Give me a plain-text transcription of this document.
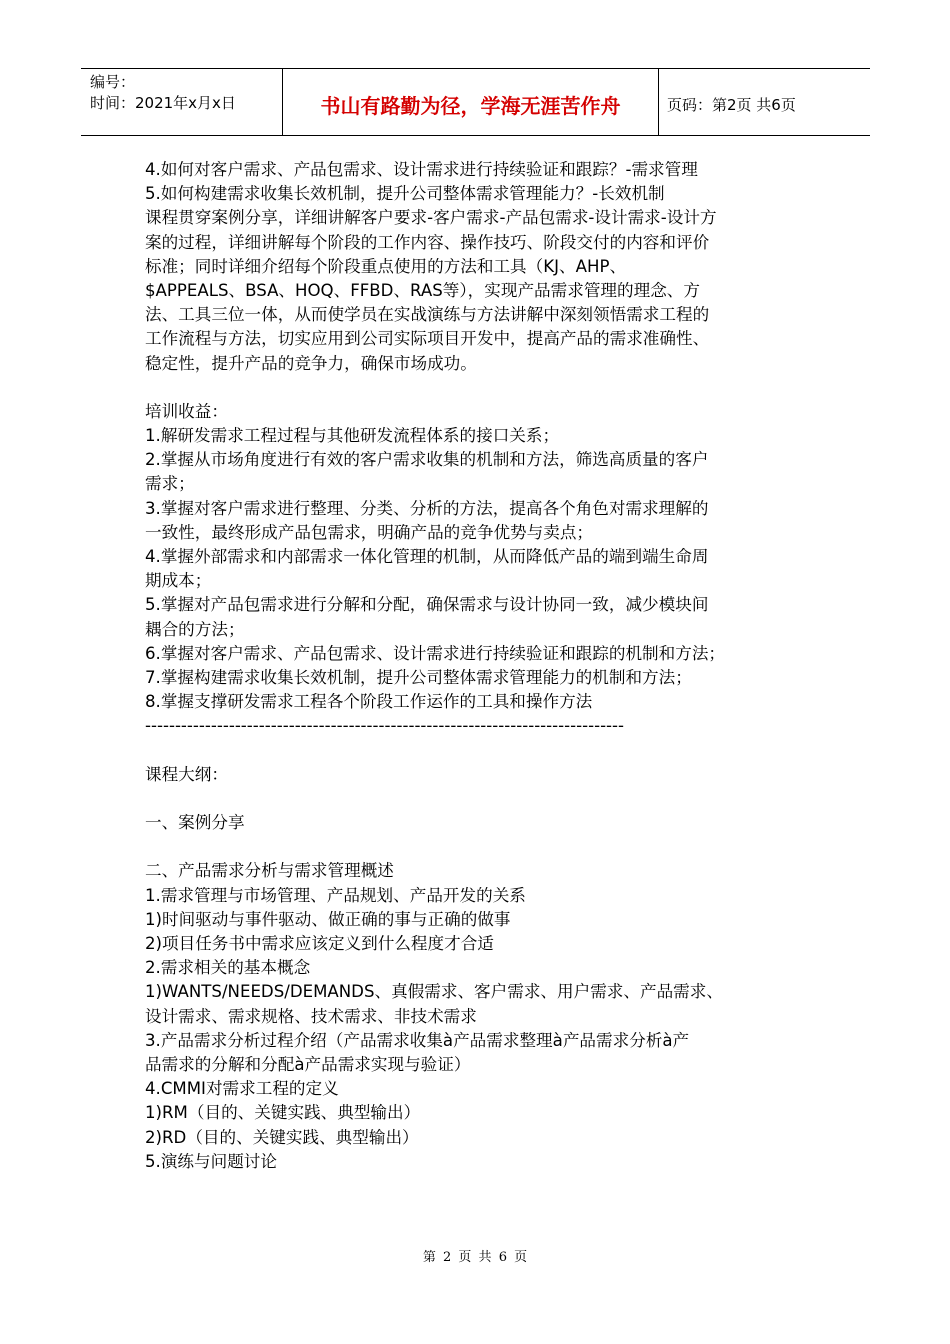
编号：
时间：2021年x月x日	书山有路勤为径，学海无涯苦作舟	页码：第2页 共6页
4.如何对客户需求、产品包需求、设计需求进行持续验证和跟踪？-需求管理
5.如何构建需求收集长效机制，提升公司整体需求管理能力？-长效机制
课程贯穿案例分享，详细讲解客户要求-客户需求-产品包需求-设计需求-设计方
案的过程，详细讲解每个阶段的工作内容、操作技巧、阶段交付的内容和评价
标准；同时详细介绍每个阶段重点使用的方法和工具（KJ、AHP、
$APPEALS、BSA、HOQ、FFBD、RAS等），实现产品需求管理的理念、方
法、工具三位一体，从而使学员在实战演练与方法讲解中深刻领悟需求工程的
工作流程与方法，切实应用到公司实际项目开发中，提高产品的需求准确性、
稳定性，提升产品的竞争力，确保市场成功。
培训收益：
1.解研发需求工程过程与其他研发流程体系的接口关系；
2.掌握从市场角度进行有效的客户需求收集的机制和方法，筛选高质量的客户
需求；
3.掌握对客户需求进行整理、分类、分析的方法，提高各个角色对需求理解的
一致性，最终形成产品包需求，明确产品的竞争优势与卖点；
4.掌握外部需求和内部需求一体化管理的机制，从而降低产品的端到端生命周
期成本；
5.掌握对产品包需求进行分解和分配，确保需求与设计协同一致，减少模块间
耦合的方法；
6.掌握对客户需求、产品包需求、设计需求进行持续验证和跟踪的机制和方法；
7.掌握构建需求收集长效机制，提升公司整体需求管理能力的机制和方法；
8.掌握支撑研发需求工程各个阶段工作运作的工具和操作方法
--------------------------------------------------------------------------------
课程大纲：
一、案例分享
二、产品需求分析与需求管理概述
1.需求管理与市场管理、产品规划、产品开发的关系
1)时间驱动与事件驱动、做正确的事与正确的做事
2)项目任务书中需求应该定义到什么程度才合适
2.需求相关的基本概念
1)WANTS/NEEDS/DEMANDS、真假需求、客户需求、用户需求、产品需求、
设计需求、需求规格、技术需求、非技术需求
3.产品需求分析过程介绍（产品需求收集à产品需求整理à产品需求分析à产
品需求的分解和分配à产品需求实现与验证）
4.CMMI对需求工程的定义
1)RM（目的、关键实践、典型输出）
2)RD（目的、关键实践、典型输出）
5.演练与问题讨论
第 2 页 共 6 页
